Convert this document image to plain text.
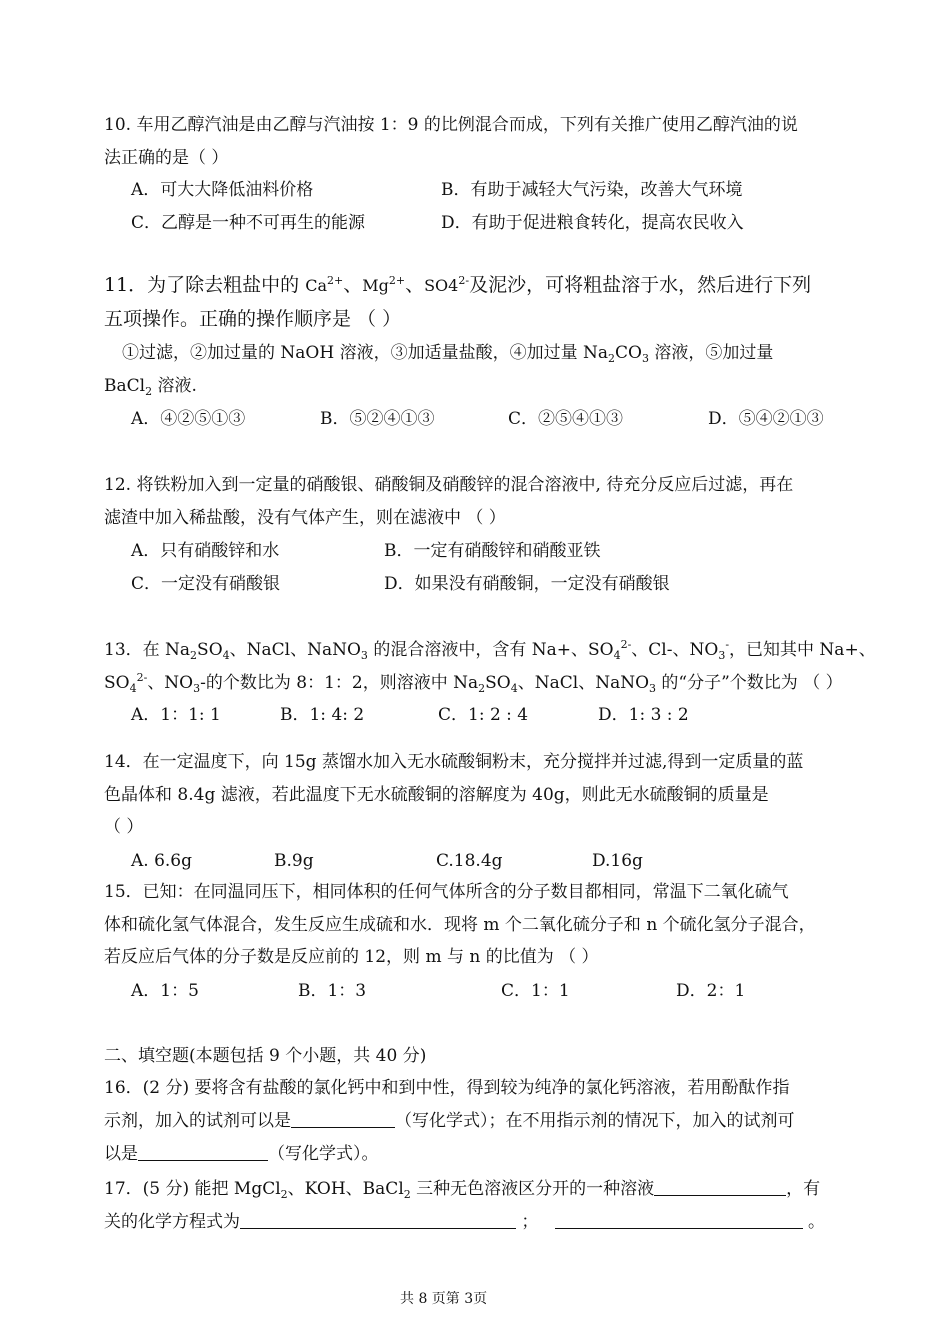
10. 车用乙醇汽油是由乙醇与汽油按 1：9 的比例混合而成，下列有关推广使用乙醇汽油的说
法正确的是（ ）
A．可大大降低油料价格	B．有助于减轻大气污染，改善大气环境
C．乙醇是一种不可再生的能源	D．有助于促进粮食转化，提高农民收入
11．为了除去粗盐中的 $Ca^{2+}$、$Mg^{2+}$、$SO4^{2-}$及泥沙，可将粗盐溶于水，然后进行下列
五项操作。正确的操作顺序是 （ ）
①过滤，②加过量的 NaOH 溶液，③加适量盐酸，④加过量 $Na_2CO_3$ 溶液，⑤加过量
BaCl$_2$ 溶液.
A．④②⑤①③	B．⑤②④①③	C．②⑤④①③	D．⑤④②①③
12. 将铁粉加入到一定量的硝酸银、硝酸铜及硝酸锌的混合溶液中, 待充分反应后过滤，再在
滤渣中加入稀盐酸，没有气体产生，则在滤液中 （ ）
A．只有硝酸锌和水	B．一定有硝酸锌和硝酸亚铁
C．一定没有硝酸银	D．如果没有硝酸铜，一定没有硝酸银
13．在 $Na_2SO_4$、NaCl、NaNO$_3$ 的混合溶液中，含有 Na+、$SO_4^{2-}$、Cl-、$NO_3^-$，已知其中 Na+、
$SO_4^{2-}$、$NO_3-$的个数比为 8：1：2，则溶液中 $Na_2SO_4$、NaCl、NaNO$_3$ 的“分子”个数比为 （ ）
A．1：1: 1	B．1: 4: 2	C．1: 2 : 4	D．1: 3 : 2
14．在一定温度下，向 15g 蒸馏水加入无水硫酸铜粉末，充分搅拌并过滤,得到一定质量的蓝
色晶体和 8.4g 滤液，若此温度下无水硫酸铜的溶解度为 40g，则此无水硫酸铜的质量是
（ ）
A. 6.6g	B.9g	C.18.4g	D.16g
15．已知：在同温同压下，相同体积的任何气体所含的分子数目都相同，常温下二氧化硫气
体和硫化氢气体混合，发生反应生成硫和水．现将 m 个二氧化硫分子和 n 个硫化氢分子混合，
若反应后气体的分子数是反应前的 12，则 m 与 n 的比值为 （ ）
A．1：5	B．1：3	C．1：1	D．2：1
二、填空题(本题包括 9 个小题，共 40 分)
16．(2 分) 要将含有盐酸的氯化钙中和到中性，得到较为纯净的氯化钙溶液，若用酚酞作指
示剂，加入的试剂可以是	（写化学式）；在不用指示剂的情况下，加入的试剂可
以是	（写化学式）。
17．(5 分) 能把 MgCl$_2$、KOH、BaCl$_2$ 三种无色溶液区分开的一种溶液	，有
关的化学方程式为	；	。
共 8 页第 3页
